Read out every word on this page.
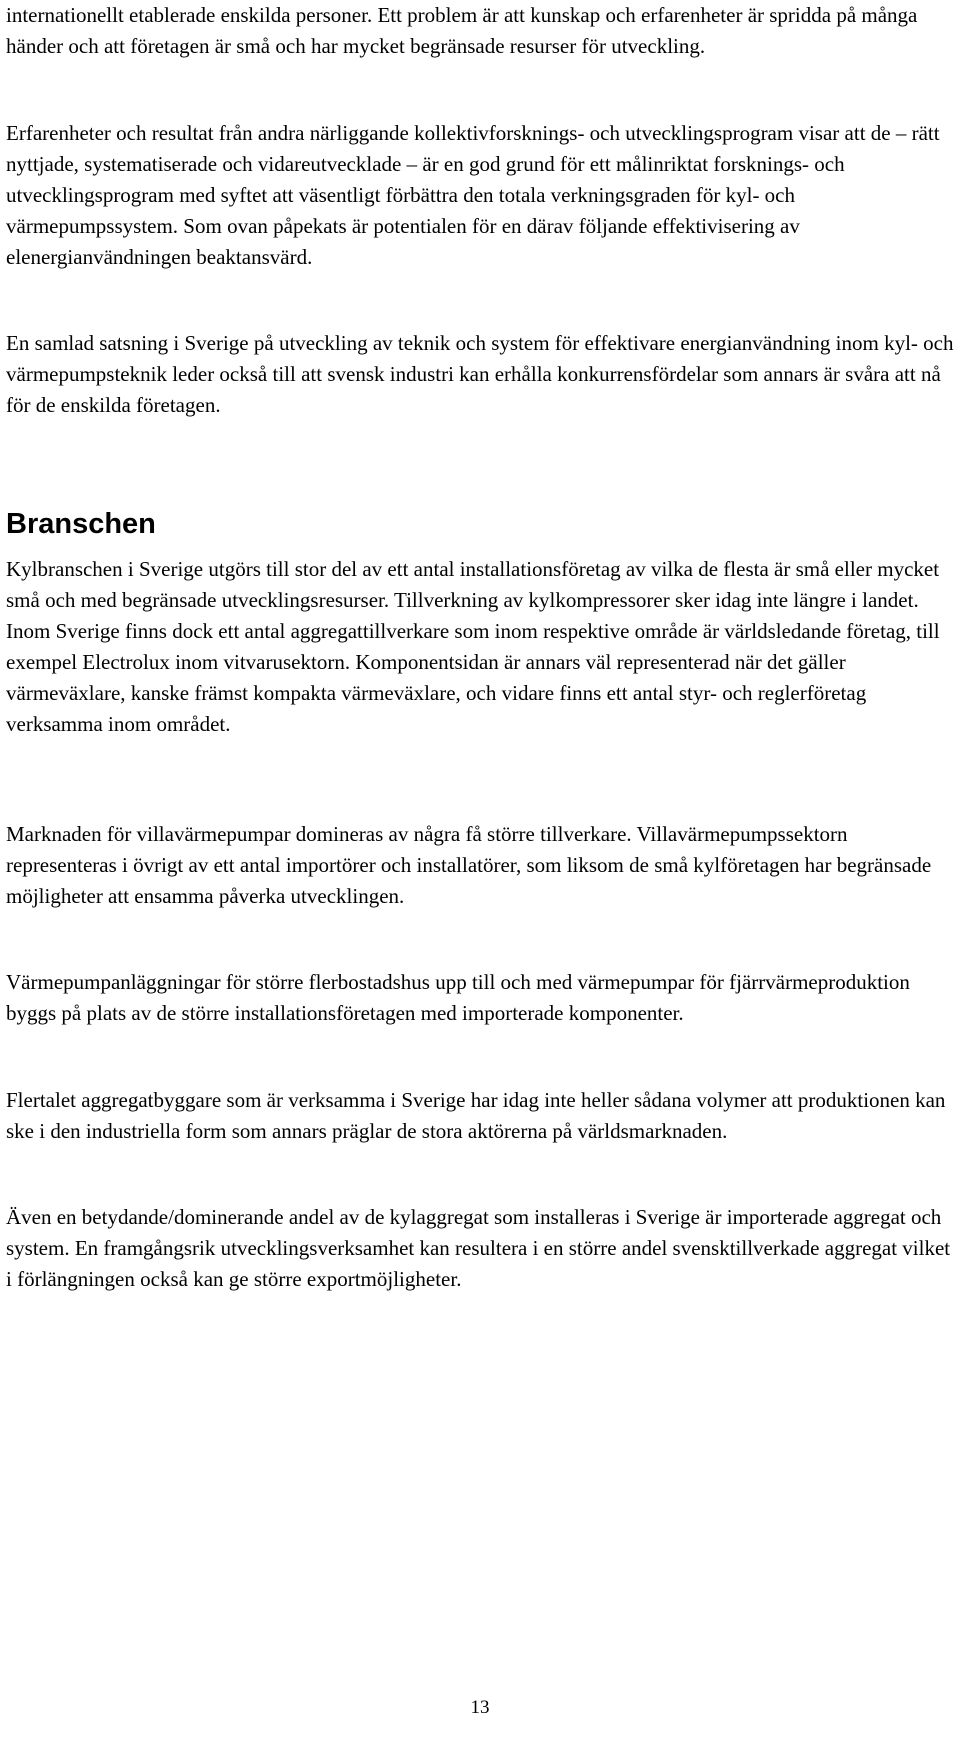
internationellt etablerade enskilda personer. Ett problem är att kunskap och erfarenheter är spridda på många händer och att företagen är små och har mycket begränsade resurser för utveckling.

Erfarenheter och resultat från andra närliggande kollektivforsknings- och utvecklingsprogram visar att de – rätt nyttjade, systematiserade och vidareutvecklade – är en god grund för ett målinriktat forsknings- och utvecklingsprogram med syftet att väsentligt förbättra den totala verkningsgraden för kyl- och värmepumpssystem. Som ovan påpekats är potentialen för en därav följande effektivisering av elenergianvändningen beaktansvärd.

En samlad satsning i Sverige på utveckling av teknik och system för effektivare energianvändning inom kyl- och värmepumpsteknik leder också till att svensk industri kan erhålla konkurrensfördelar som annars är svåra att nå för de enskilda företagen.

Branschen

Kylbranschen i Sverige utgörs till stor del av ett antal installationsföretag av vilka de flesta är små eller mycket små och med begränsade utvecklingsresurser. Tillverkning av kylkompressorer sker idag inte längre i landet. Inom Sverige finns dock ett antal aggregattillverkare som inom respektive område är världsledande företag, till exempel Electrolux inom vitvarusektorn. Komponentsidan är annars väl representerad när det gäller värmeväxlare, kanske främst kompakta värmeväxlare, och vidare finns ett antal styr- och reglerföretag verksamma inom området.

Marknaden för villavärmepumpar domineras av några få större tillverkare. Villavärmepumpssektorn representeras i övrigt av ett antal importörer och installatörer, som liksom de små kylföretagen har begränsade möjligheter att ensamma påverka utvecklingen.

Värmepumpanläggningar för större flerbostadshus upp till och med värmepumpar för fjärrvärmeproduktion byggs på plats av de större installationsföretagen med importerade komponenter.

Flertalet aggregatbyggare som är verksamma i Sverige har idag inte heller sådana volymer att produktionen kan ske i den industriella form som annars präglar de stora aktörerna på världsmarknaden.

Även en betydande/dominerande andel av de kylaggregat som installeras i Sverige är importerade aggregat och system. En framgångsrik utvecklingsverksamhet kan resultera i en större andel svensktillverkade aggregat vilket i förlängningen också kan ge större exportmöjligheter.

13
